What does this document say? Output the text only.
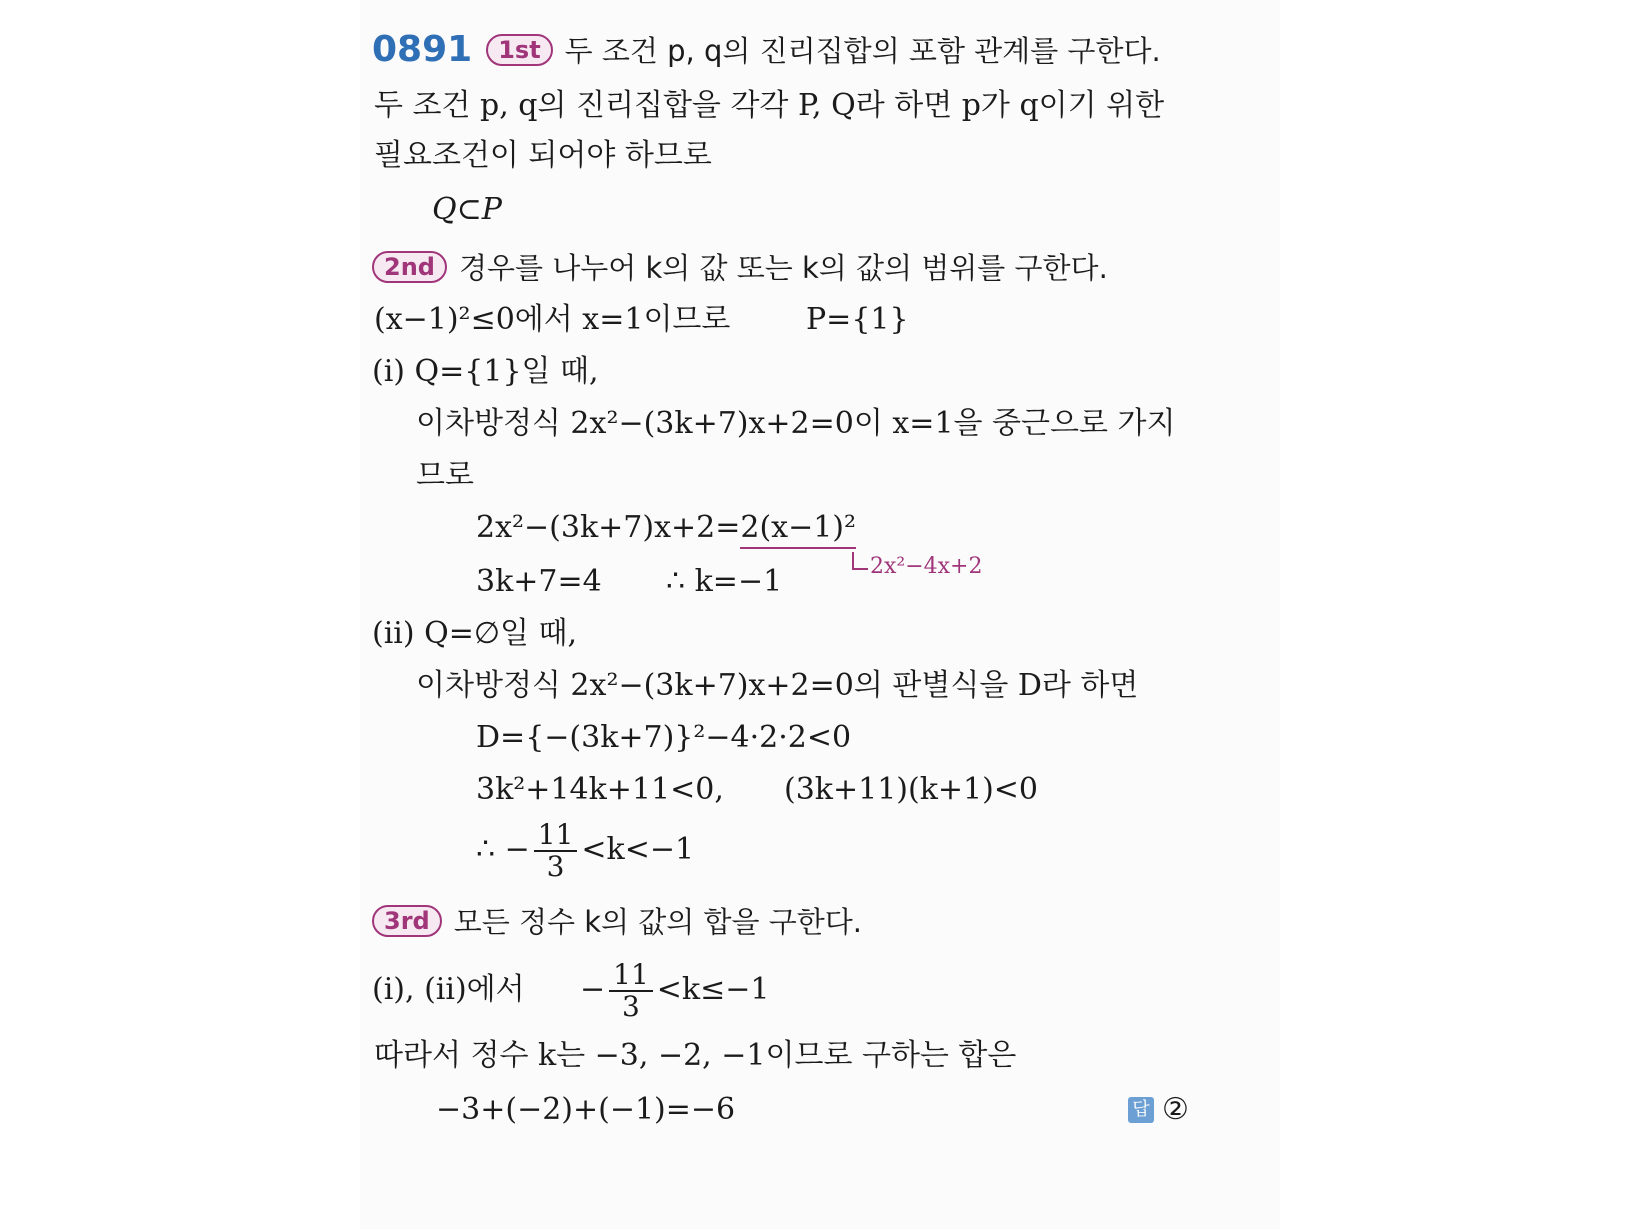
0891 1st 두 조건 p, q의 진리집합의 포함 관계를 구한다.
두 조건 p, q의 진리집합을 각각 P, Q라 하면 p가 q이기 위한
필요조건이 되어야 하므로
Q⊂P
2nd 경우를 나누어 k의 값 또는 k의 값의 범위를 구한다.
(x−1)²≤0에서 x=1이므로	P={1}
(i) Q={1}일 때,
이차방정식 2x²−(3k+7)x+2=0이 x=1을 중근으로 가지
므로
2x²−(3k+7)x+2=2(x−1)²
2x²−4x+2
3k+7=4 ∴ k=−1
(ii) Q=∅일 때,
이차방정식 2x²−(3k+7)x+2=0의 판별식을 D라 하면
D={−(3k+7)}²−4·2·2<0
3k²+14k+11<0, (3k+11)(k+1)<0
∴ − $\frac{11}{3} <k<-1$
3rd 모든 정수 k의 값의 합을 구한다.
(i), (ii)에서 − $\frac{11}{3} <k\le-1$
따라서 정수 k는 −3, −2, −1이므로 구하는 합은
−3+(−2)+(−1)=−6	답 ②
